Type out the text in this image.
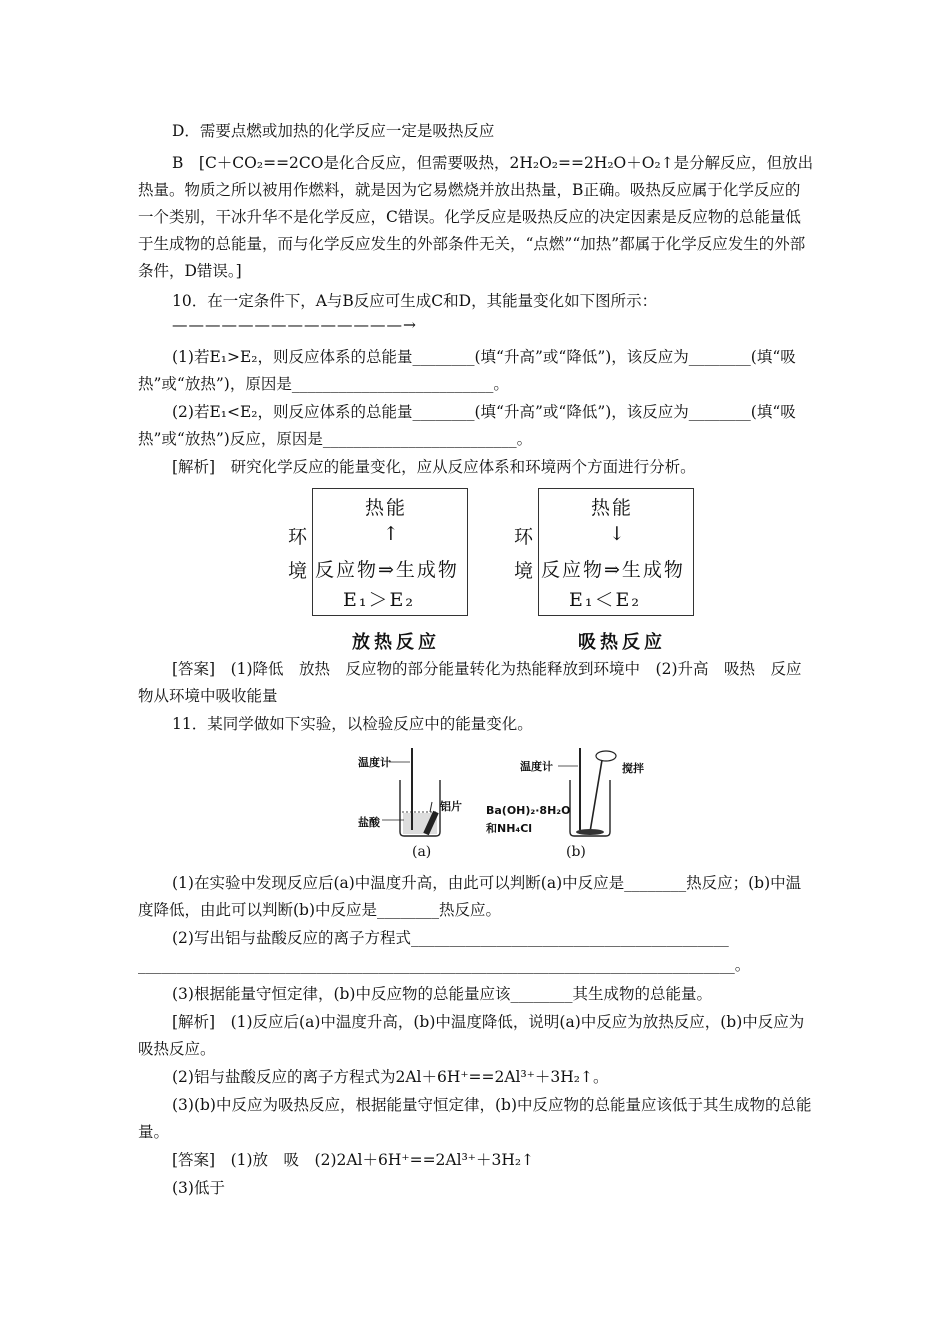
D．需要点燃或加热的化学反应一定是吸热反应

B　[C＋CO₂==2CO是化合反应，但需要吸热，2H₂O₂==2H₂O＋O₂↑是分解反应，但放出热量。物质之所以被用作燃料，就是因为它易燃烧并放出热量，B正确。吸热反应属于化学反应的一个类别，干冰升华不是化学反应，C错误。化学反应是吸热反应的决定因素是反应物的总能量低于生成物的总能量，而与化学反应发生的外部条件无关，“点燃”“加热”都属于化学反应发生的外部条件，D错误。]

10．在一定条件下，A与B反应可生成C和D，其能量变化如下图所示：

——————————————→

(1)若E₁>E₂，则反应体系的总能量________(填“升高”或“降低”)，该反应为________(填“吸热”或“放热”)，原因是__________________________。

(2)若E₁<E₂，则反应体系的总能量________(填“升高”或“降低”)，该反应为________(填“吸热”或“放热”)反应，原因是_________________________。

[解析]　研究化学反应的能量变化，应从反应体系和环境两个方面进行分析。

环
境
热能
↑
反应物⇒生成物
E₁＞E₂
环
境
热能
↓
反应物⇒生成物
E₁＜E₂
放热反应	吸热反应

[答案]　(1)降低　放热　反应物的部分能量转化为热能释放到环境中　(2)升高　吸热　反应物从环境中吸收能量

11．某同学做如下实验，以检验反应中的能量变化。

温度计
铝片
盐酸
温度计	搅拌
Ba(OH)₂·8H₂O
和NH₄Cl
(a)	(b)

(1)在实验中发现反应后(a)中温度升高，由此可以判断(a)中反应是________热反应；(b)中温度降低，由此可以判断(b)中反应是________热反应。

(2)写出铝与盐酸反应的离子方程式_________________________________________

_____________________________________________________________________________。

(3)根据能量守恒定律，(b)中反应物的总能量应该________其生成物的总能量。

[解析]　(1)反应后(a)中温度升高，(b)中温度降低，说明(a)中反应为放热反应，(b)中反应为吸热反应。

(2)铝与盐酸反应的离子方程式为2Al＋6H⁺==2Al³⁺＋3H₂↑。

(3)(b)中反应为吸热反应，根据能量守恒定律，(b)中反应物的总能量应该低于其生成物的总能量。

[答案]　(1)放　吸　(2)2Al＋6H⁺==2Al³⁺＋3H₂↑

(3)低于
